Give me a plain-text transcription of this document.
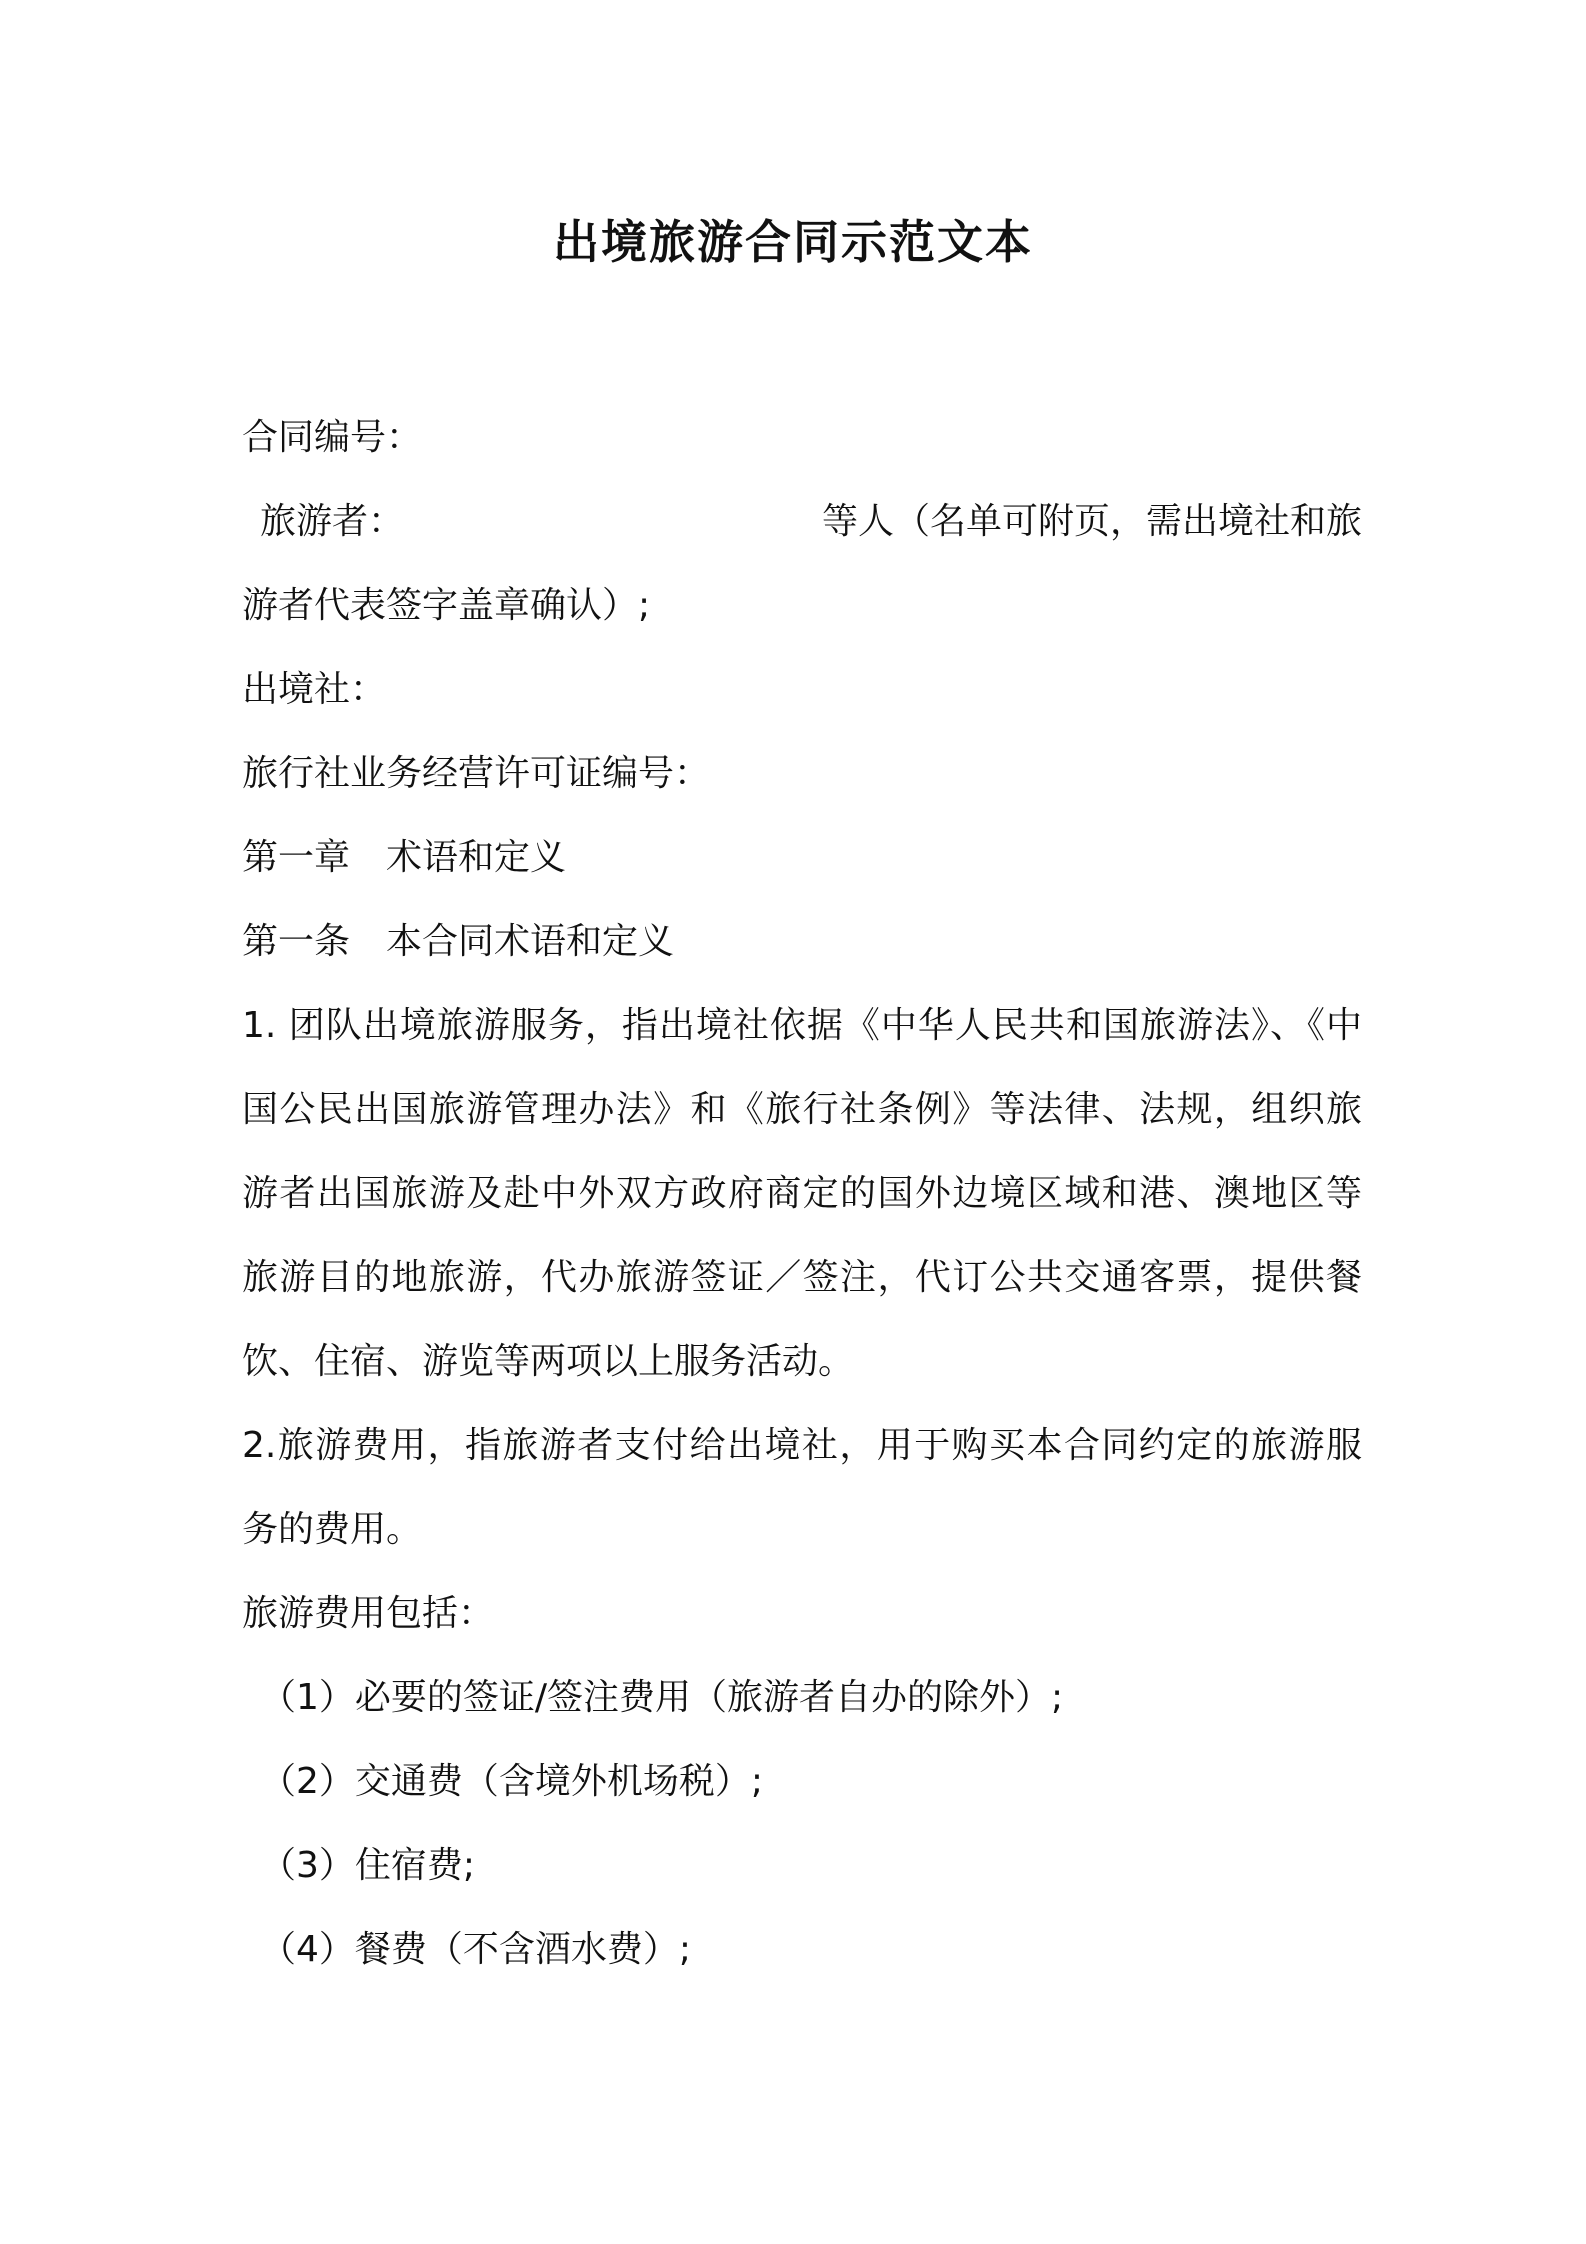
出境旅游合同示范文本
合同编号：
旅游者：	等人（名单可附页，需出境社和旅
游者代表签字盖章确认）;
出境社：
旅行社业务经营许可证编号：
第一章　术语和定义
第一条　本合同术语和定义
1. 团队出境旅游服务，指出境社依据《中华人民共和国旅游法》、《中
国公民出国旅游管理办法》和《旅行社条例》等法律、法规，组织旅
游者出国旅游及赴中外双方政府商定的国外边境区域和港、澳地区等
旅游目的地旅游，代办旅游签证／签注，代订公共交通客票，提供餐
饮、住宿、游览等两项以上服务活动。
2.旅游费用，指旅游者支付给出境社，用于购买本合同约定的旅游服
务的费用。
旅游费用包括：
（1）必要的签证/签注费用（旅游者自办的除外）;
（2）交通费（含境外机场税）;
（3）住宿费;
（4）餐费（不含酒水费）;
